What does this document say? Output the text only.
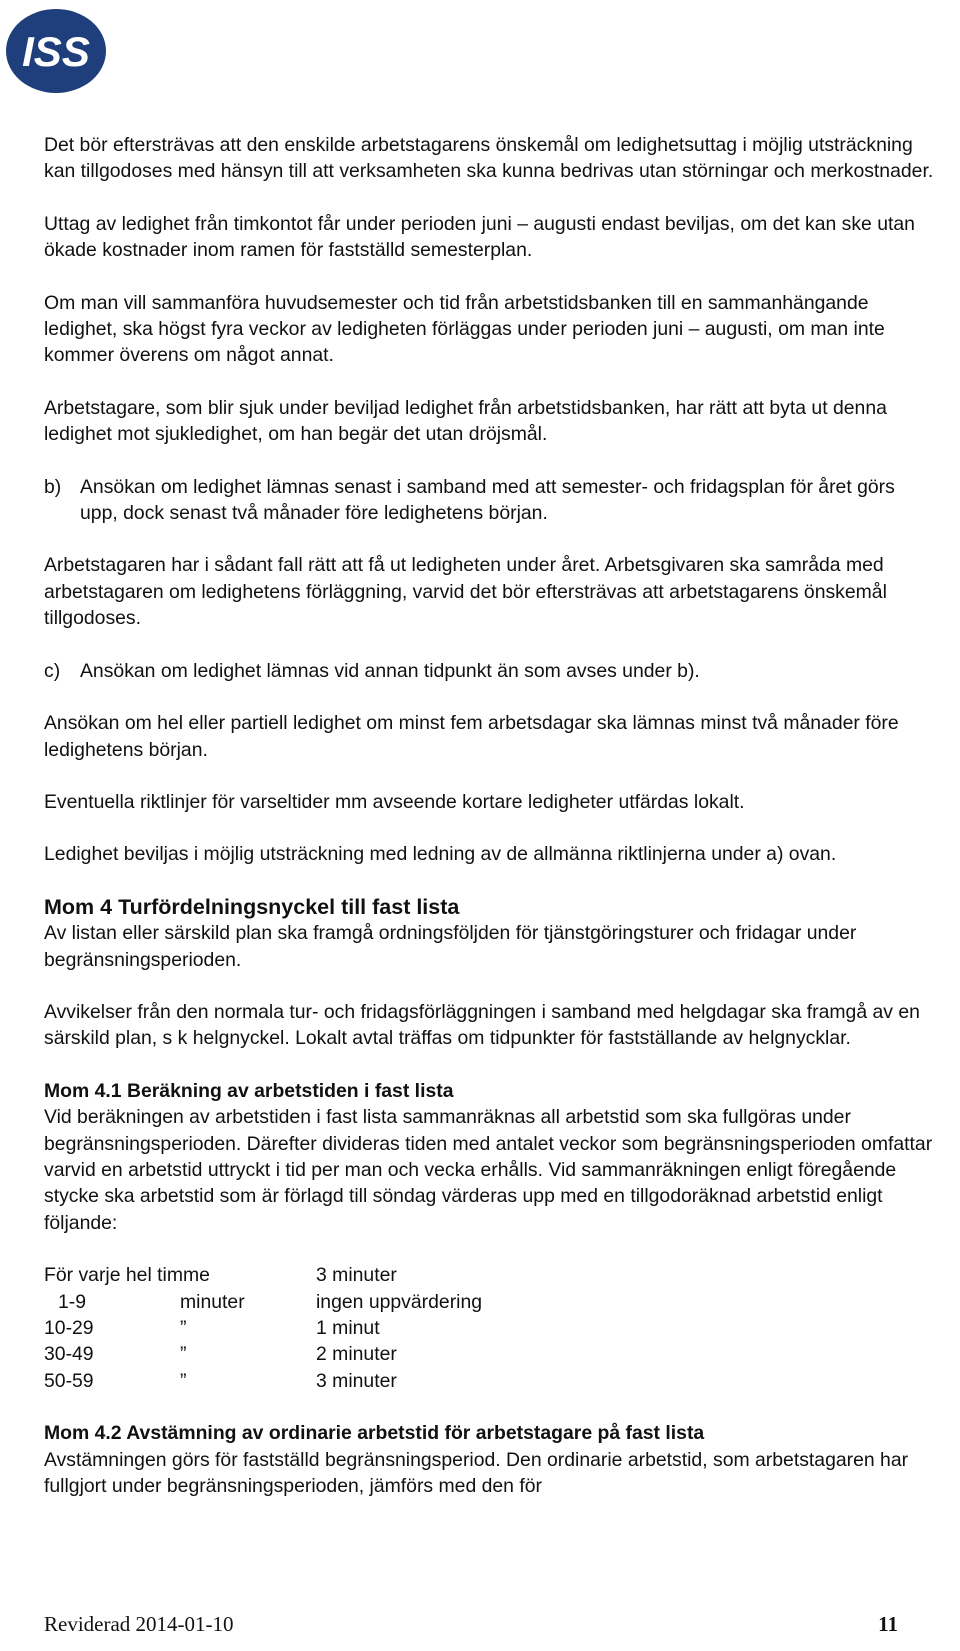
ISS

Det bör eftersträvas att den enskilde arbetstagarens önskemål om ledighetsuttag i möjlig utsträckning kan tillgodoses med hänsyn till att verksamheten ska kunna bedrivas utan störningar och merkostnader.

Uttag av ledighet från timkontot får under perioden juni – augusti endast beviljas, om det kan ske utan ökade kostnader inom ramen för fastställd semesterplan.

Om man vill sammanföra huvudsemester och tid från arbetstidsbanken till en sammanhängande ledighet, ska högst fyra veckor av ledigheten förläggas under perioden juni – augusti, om man inte kommer överens om något annat.

Arbetstagare, som blir sjuk under beviljad ledighet från arbetstidsbanken, har rätt att byta ut denna ledighet mot sjukledighet, om han begär det utan dröjsmål.

b) Ansökan om ledighet lämnas senast i samband med att semester- och fridagsplan för året görs upp, dock senast två månader före ledighetens början.

Arbetstagaren har i sådant fall rätt att få ut ledigheten under året. Arbetsgivaren ska samråda med arbetstagaren om ledighetens förläggning, varvid det bör eftersträvas att arbetstagarens önskemål tillgodoses.

c)	Ansökan om ledighet lämnas vid annan tidpunkt än som avses under b).

Ansökan om hel eller partiell ledighet om minst fem arbetsdagar ska lämnas minst två månader före ledighetens början.

Eventuella riktlinjer för varseltider mm avseende kortare ledigheter utfärdas lokalt.

Ledighet beviljas i möjlig utsträckning med ledning av de allmänna riktlinjerna under a) ovan.

Mom 4 Turfördelningsnyckel till fast lista

Av listan eller särskild plan ska framgå ordningsföljden för tjänstgöringsturer och fridagar under begränsningsperioden.

Avvikelser från den normala tur- och fridagsförläggningen i samband med helgdagar ska framgå av en särskild plan, s k helgnyckel. Lokalt avtal träffas om tidpunkter för fastställande av helgnycklar.

Mom 4.1 Beräkning av arbetstiden i fast lista

Vid beräkningen av arbetstiden i fast lista sammanräknas all arbetstid som ska fullgöras under begränsningsperioden. Därefter divideras tiden med antalet veckor som begränsningsperioden omfattar varvid en arbetstid uttryckt i tid per man och vecka erhålls. Vid sammanräkningen enligt föregående stycke ska arbetstid som är förlagd till söndag värderas upp med en tillgodoräknad arbetstid enligt följande:

För varje hel timme	3 minuter
1-9	minuter	ingen uppvärdering
10-29	”	1 minut
30-49	”	2 minuter
50-59	”	3 minuter
Mom 4.2 Avstämning av ordinarie arbetstid för arbetstagare på fast lista

Avstämningen görs för fastställd begränsningsperiod. Den ordinarie arbetstid, som arbetstagaren har fullgjort under begränsningsperioden, jämförs med den för

Reviderad 2014-01-10	11
